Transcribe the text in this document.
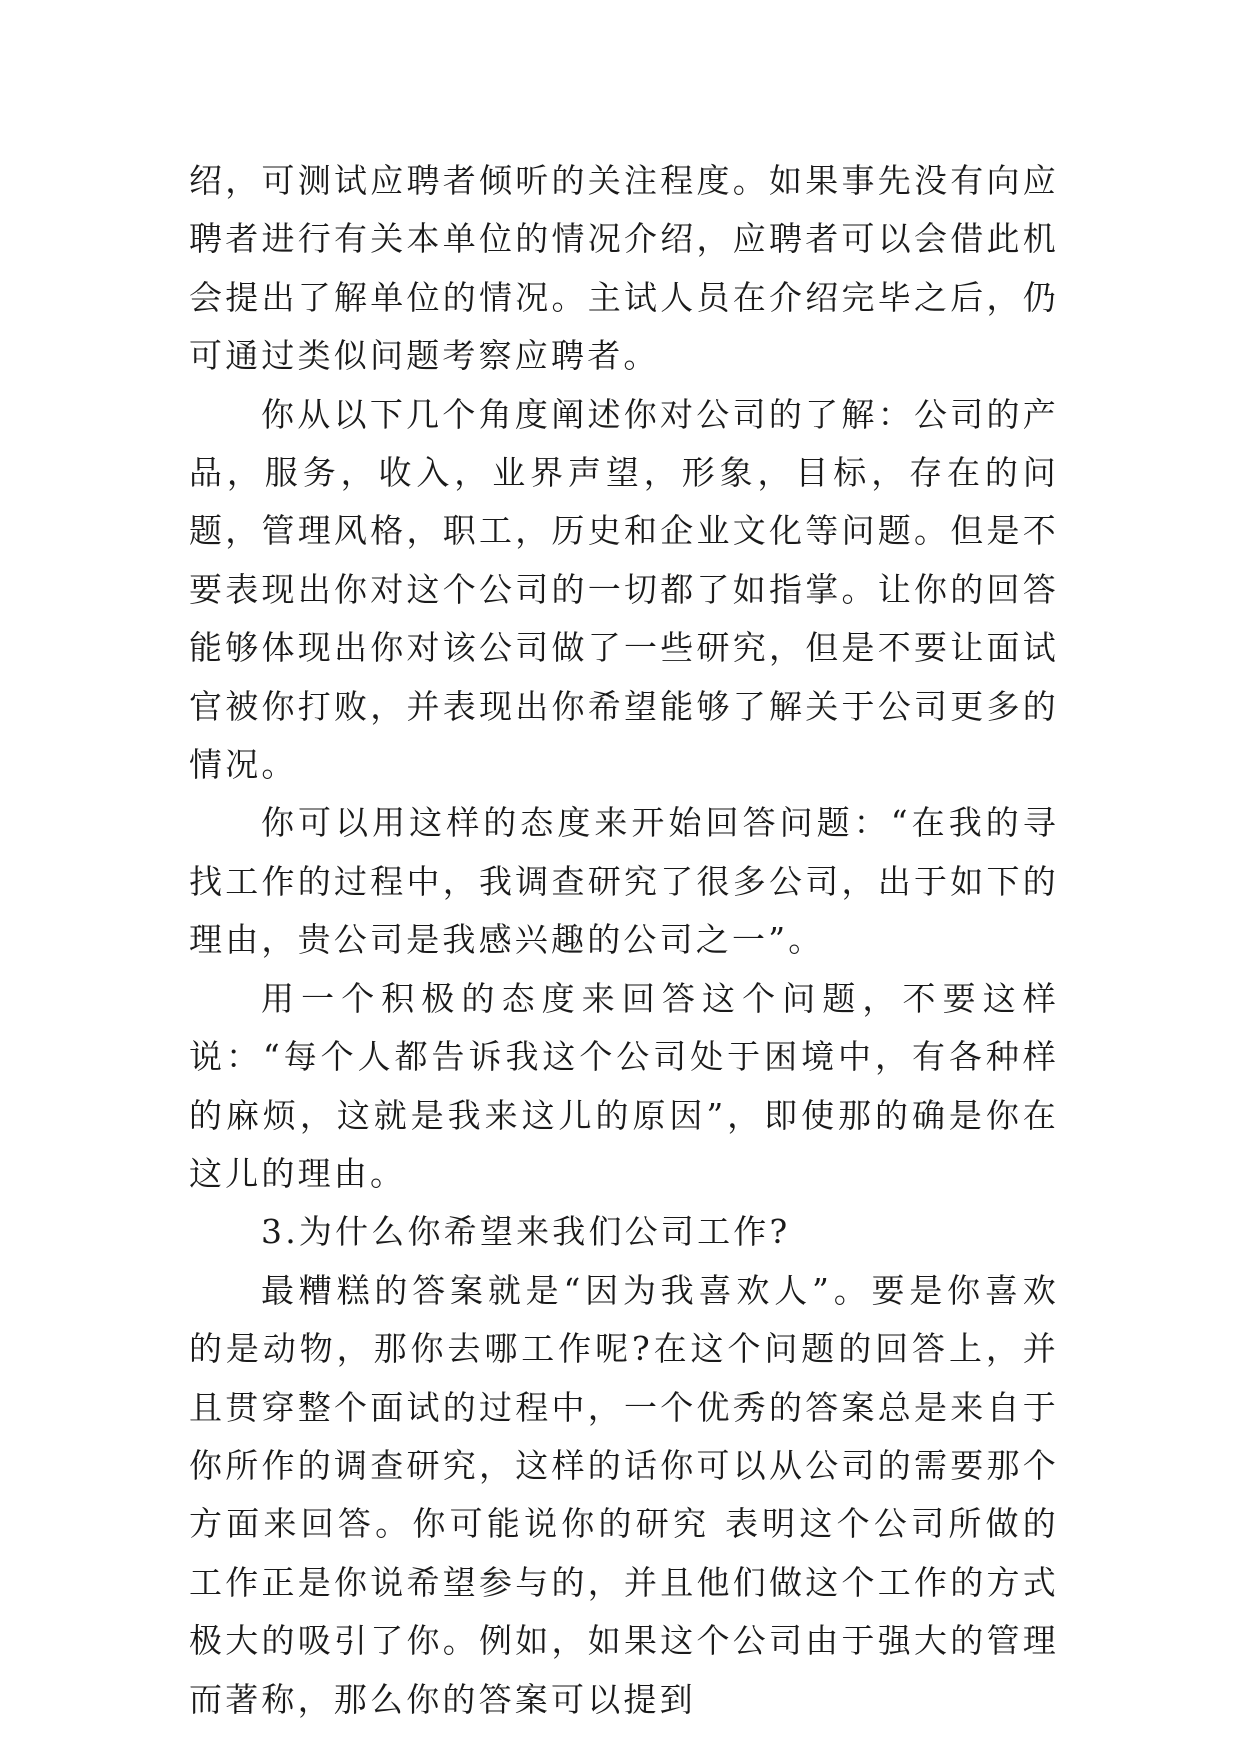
绍，可测试应聘者倾听的关注程度。如果事先没有向应聘者进行有关本单位的情况介绍，应聘者可以会借此机会提出了解单位的情况。主试人员在介绍完毕之后，仍可通过类似问题考察应聘者。

你从以下几个角度阐述你对公司的了解：公司的产品，服务，收入，业界声望，形象，目标，存在的问题，管理风格，职工，历史和企业文化等问题。但是不要表现出你对这个公司的一切都了如指掌。让你的回答能够体现出你对该公司做了一些研究，但是不要让面试官被你打败，并表现出你希望能够了解关于公司更多的情况。

你可以用这样的态度来开始回答问题：“在我的寻找工作的过程中，我调查研究了很多公司，出于如下的理由，贵公司是我感兴趣的公司之一”。

用一个积极的态度来回答这个问题，不要这样说：“每个人都告诉我这个公司处于困境中，有各种样的麻烦，这就是我来这儿的原因”，即使那的确是你在这儿的理由。

3.为什么你希望来我们公司工作?

最糟糕的答案就是“因为我喜欢人”。要是你喜欢的是动物，那你去哪工作呢?在这个问题的回答上，并且贯穿整个面试的过程中，一个优秀的答案总是来自于你所作的调查研究，这样的话你可以从公司的需要那个方面来回答。你可能说你的研究 表明这个公司所做的工作正是你说希望参与的，并且他们做这个工作的方式极大的吸引了你。例如，如果这个公司由于强大的管理而著称，那么你的答案可以提到
